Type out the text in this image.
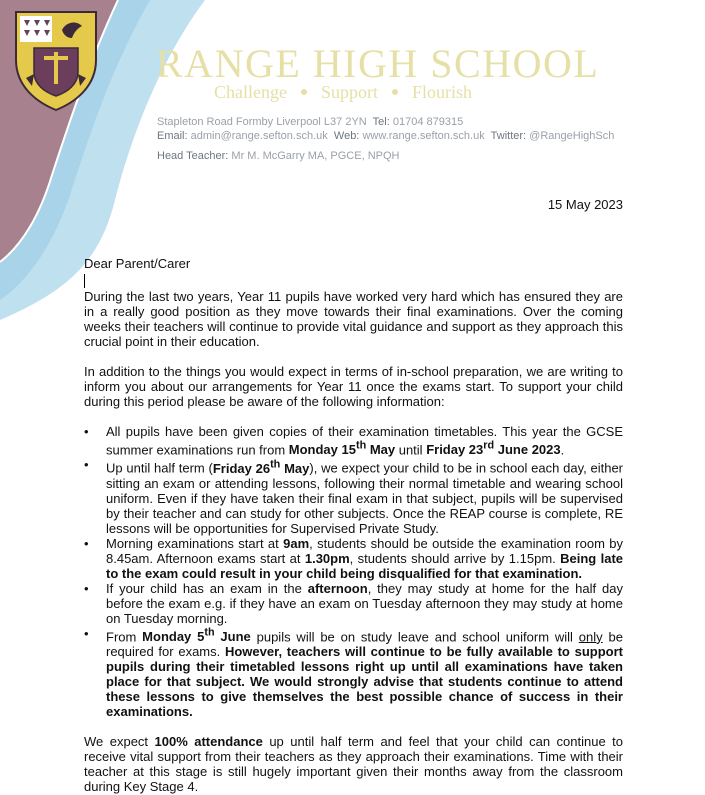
RANGE HIGH SCHOOL
Challenge Support Flourish
Stapleton Road Formby Liverpool L37 2YN Tel: 01704 879315
Email: admin@range.sefton.sch.uk Web: www.range.sefton.sch.uk Twitter: @RangeHighSch
Head Teacher: Mr M. McGarry MA, PGCE, NPQH
15 May 2023

Dear Parent/Carer

During the last two years, Year 11 pupils have worked very hard which has ensured they are in a really good position as they move towards their final examinations. Over the coming weeks their teachers will continue to provide vital guidance and support as they approach this crucial point in their education.

In addition to the things you would expect in terms of in-school preparation, we are writing to inform you about our arrangements for Year 11 once the exams start. To support your child during this period please be aware of the following information:

• All pupils have been given copies of their examination timetables. This year the GCSE summer examinations run from Monday 15th May until Friday 23rd June 2023.
• Up until half term (Friday 26th May), we expect your child to be in school each day, either sitting an exam or attending lessons, following their normal timetable and wearing school uniform. Even if they have taken their final exam in that subject, pupils will be supervised by their teacher and can study for other subjects. Once the REAP course is complete, RE lessons will be opportunities for Supervised Private Study.
• Morning examinations start at 9am, students should be outside the examination room by 8.45am. Afternoon exams start at 1.30pm, students should arrive by 1.15pm. Being late to the exam could result in your child being disqualified for that examination.
• If your child has an exam in the afternoon, they may study at home for the half day before the exam e.g. if they have an exam on Tuesday afternoon they may study at home on Tuesday morning.
• From Monday 5th June pupils will be on study leave and school uniform will only be required for exams. However, teachers will continue to be fully available to support pupils during their timetabled lessons right up until all examinations have taken place for that subject. We would strongly advise that students continue to attend these lessons to give themselves the best possible chance of success in their examinations.

We expect 100% attendance up until half term and feel that your child can continue to receive vital support from their teachers as they approach their examinations. Time with their teacher at this stage is still hugely important given their months away from the classroom during Key Stage 4.
